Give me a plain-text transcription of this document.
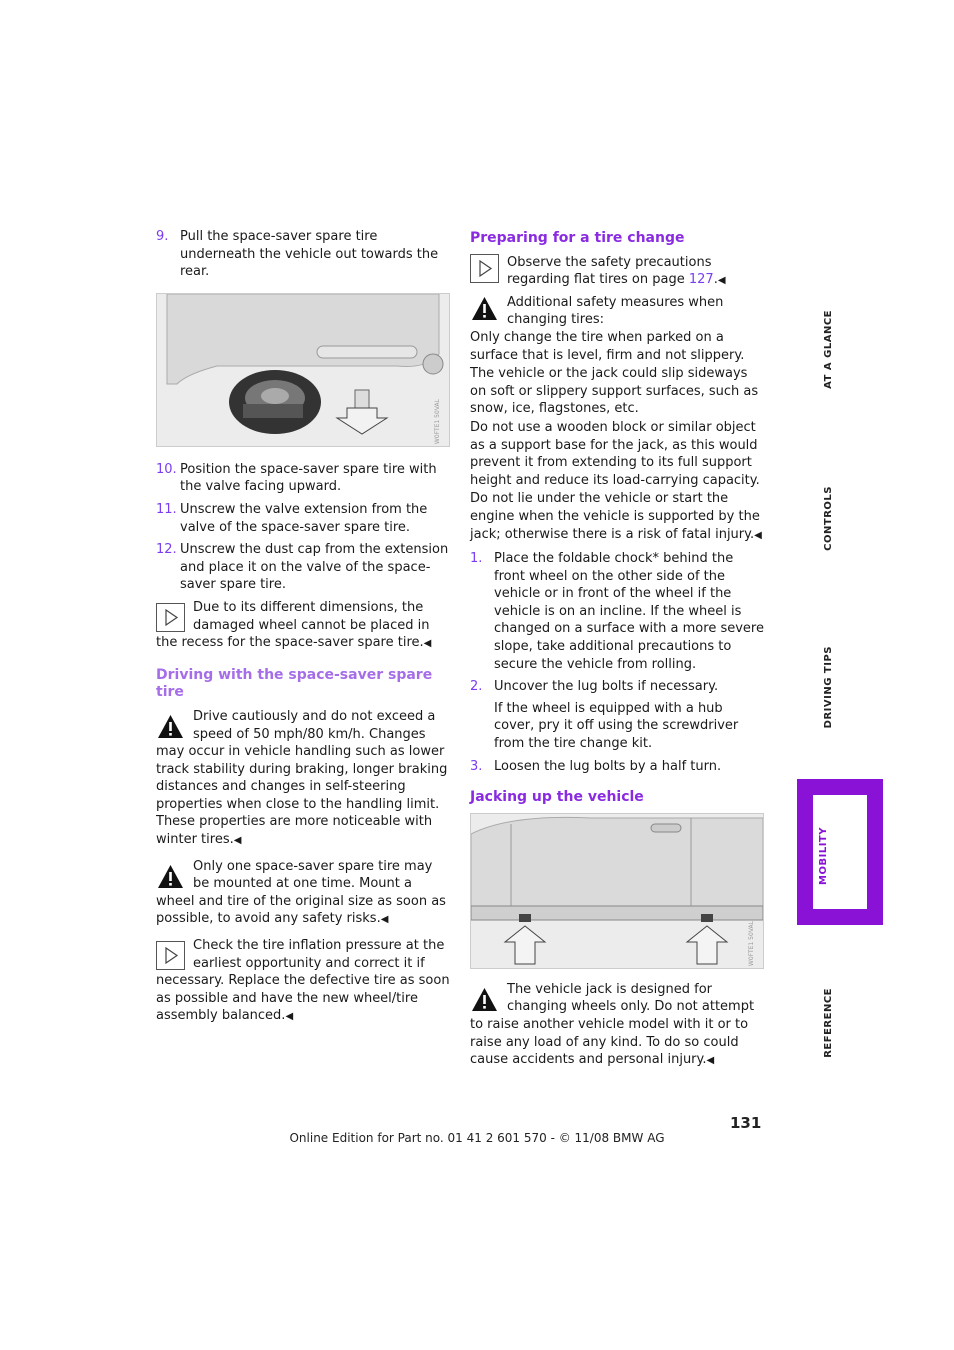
9. Pull the space-saver spare tire underneath the vehicle out towards the rear.

W0FTE1 50VAL
10. Position the space-saver spare tire with the valve facing upward.

11. Unscrew the valve extension from the valve of the space-saver spare tire.

12. Unscrew the dust cap from the extension and place it on the valve of the space-saver spare tire.

Due to its different dimensions, the damaged wheel cannot be placed in the recess for the space-saver spare tire.◀
Driving with the space-saver spare tire
Drive cautiously and do not exceed a speed of 50 mph/80 km/h. Changes may occur in vehicle handling such as lower track stability during braking, longer braking distances and changes in self-steering properties when close to the handling limit. These properties are more noticeable with winter tires.◀
Only one space-saver spare tire may be mounted at one time. Mount a wheel and tire of the original size as soon as possible, to avoid any safety risks.◀
Check the tire inflation pressure at the earliest opportunity and correct it if necessary. Replace the defective tire as soon as possible and have the new wheel/tire assembly balanced.◀
Preparing for a tire change
Observe the safety precautions regarding flat tires on page 127.◀
Additional safety measures when changing tires:

Only change the tire when parked on a surface that is level, firm and not slippery.

The vehicle or the jack could slip sideways on soft or slippery support surfaces, such as snow, ice, flagstones, etc.

Do not use a wooden block or similar object as a support base for the jack, as this would prevent it from extending to its full support height and reduce its load-carrying capacity.

Do not lie under the vehicle or start the engine when the vehicle is supported by the jack; otherwise there is a risk of fatal injury.◀

1. Place the foldable chock* behind the front wheel on the other side of the vehicle or in front of the wheel if the vehicle is on an incline. If the wheel is changed on a surface with a more severe slope, take additional precautions to secure the vehicle from rolling.

2. Uncover the lug bolts if necessary.

If the wheel is equipped with a hub cover, pry it off using the screwdriver from the tire change kit.

3. Loosen the lug bolts by a half turn.

Jacking up the vehicle
W0FTE1 50VAL
The vehicle jack is designed for changing wheels only. Do not attempt to raise another vehicle model with it or to raise any load of any kind. To do so could cause accidents and personal injury.◀
AT A GLANCE
CONTROLS
DRIVING TIPS
MOBILITY
REFERENCE
131
Online Edition for Part no. 01 41 2 601 570 - © 11/08 BMW AG
